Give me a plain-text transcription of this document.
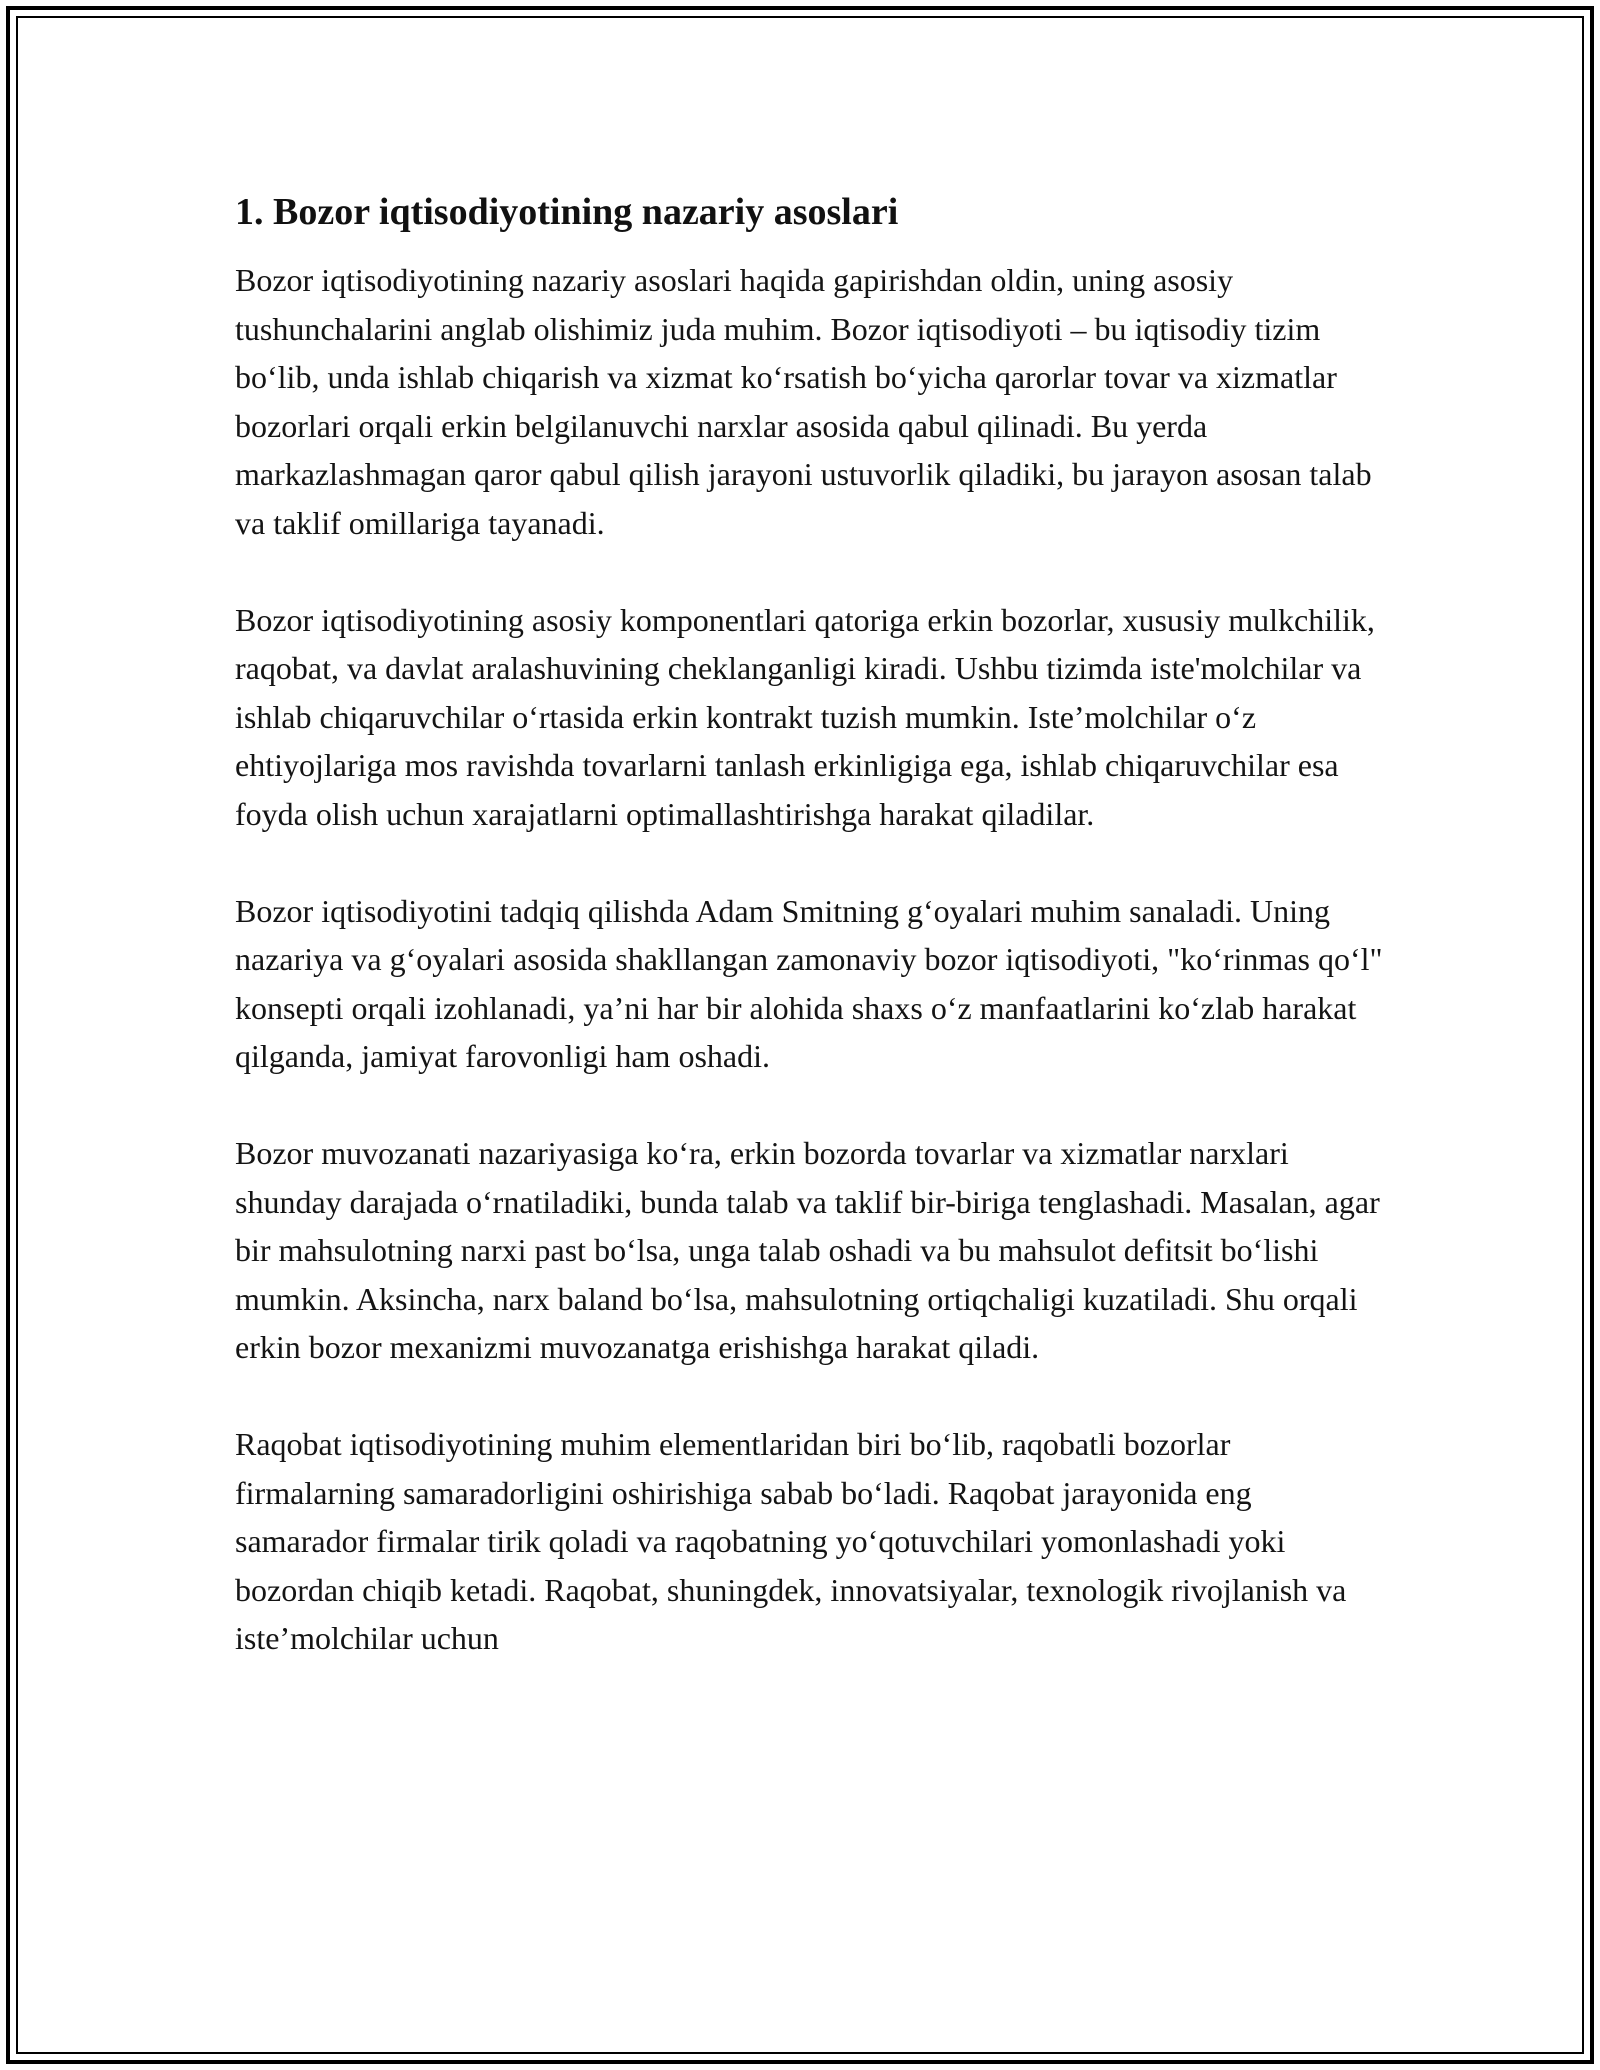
1. Bozor iqtisodiyotining nazariy asoslari

Bozor iqtisodiyotining nazariy asoslari haqida gapirishdan oldin, uning asosiy tushunchalarini anglab olishimiz juda muhim. Bozor iqtisodiyoti – bu iqtisodiy tizim bo‘lib, unda ishlab chiqarish va xizmat ko‘rsatish bo‘yicha qarorlar tovar va xizmatlar bozorlari orqali erkin belgilanuvchi narxlar asosida qabul qilinadi. Bu yerda markazlashmagan qaror qabul qilish jarayoni ustuvorlik qiladiki, bu jarayon asosan talab va taklif omillariga tayanadi.

Bozor iqtisodiyotining asosiy komponentlari qatoriga erkin bozorlar, xususiy mulkchilik, raqobat, va davlat aralashuvining cheklanganligi kiradi. Ushbu tizimda iste'molchilar va ishlab chiqaruvchilar o‘rtasida erkin kontrakt tuzish mumkin. Iste’molchilar o‘z ehtiyojlariga mos ravishda tovarlarni tanlash erkinligiga ega, ishlab chiqaruvchilar esa foyda olish uchun xarajatlarni optimallashtirishga harakat qiladilar.

Bozor iqtisodiyotini tadqiq qilishda Adam Smitning g‘oyalari muhim sanaladi. Uning nazariya va g‘oyalari asosida shakllangan zamonaviy bozor iqtisodiyoti, "ko‘rinmas qo‘l" konsepti orqali izohlanadi, ya’ni har bir alohida shaxs o‘z manfaatlarini ko‘zlab harakat qilganda, jamiyat farovonligi ham oshadi.

Bozor muvozanati nazariyasiga ko‘ra, erkin bozorda tovarlar va xizmatlar narxlari shunday darajada o‘rnatiladiki, bunda talab va taklif bir-biriga tenglashadi. Masalan, agar bir mahsulotning narxi past bo‘lsa, unga talab oshadi va bu mahsulot defitsit bo‘lishi mumkin. Aksincha, narx baland bo‘lsa, mahsulotning ortiqchaligi kuzatiladi. Shu orqali erkin bozor mexanizmi muvozanatga erishishga harakat qiladi.

Raqobat iqtisodiyotining muhim elementlaridan biri bo‘lib, raqobatli bozorlar firmalarning samaradorligini oshirishiga sabab bo‘ladi. Raqobat jarayonida eng samarador firmalar tirik qoladi va raqobatning yo‘qotuvchilari yomonlashadi yoki bozordan chiqib ketadi. Raqobat, shuningdek, innovatsiyalar, texnologik rivojlanish va iste’molchilar uchun
